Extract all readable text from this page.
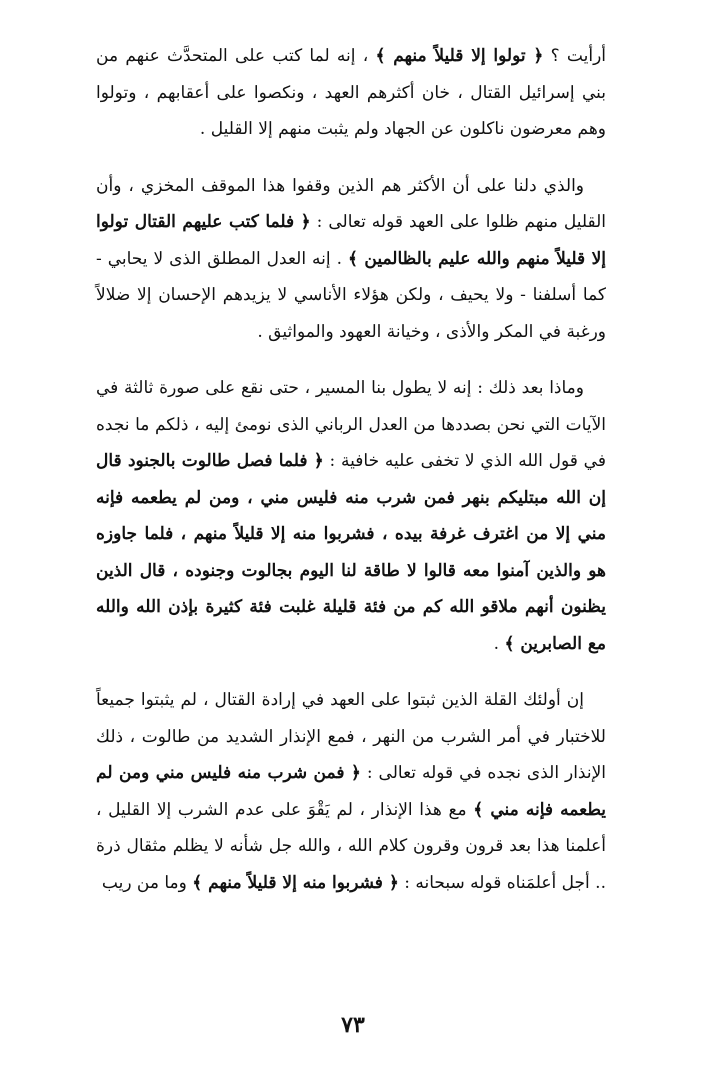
أرأيت ؟ ﴿ تولوا إلا قليلاً منهم ﴾ ، إنه لما كتب على المتحدَّث عنهم من بني إسرائيل القتال ، خان أكثرهم العهد ، ونكصوا على أعقابهم ، وتولوا وهم معرضون ناكلون عن الجهاد ولم يثبت منهم إلا القليل .

والذي دلنا على أن الأكثر هم الذين وقفوا هذا الموقف المخزي ، وأن القليل منهم ظلوا على العهد قوله تعالى : ﴿ فلما كتب عليهم القتال تولوا إلا قليلاً منهم والله عليم بالظالمين ﴾ . إنه العدل المطلق الذى لا يحابي - كما أسلفنا - ولا يحيف ، ولكن هؤلاء الأناسي لا يزيدهم الإحسان إلا ضلالاً ورغبة في المكر والأذى ، وخيانة العهود والمواثيق .

وماذا بعد ذلك : إنه لا يطول بنا المسير ، حتى نقع على صورة ثالثة في الآيات التي نحن بصددها من العدل الرباني الذى نومئ إليه ، ذلكم ما نجده في قول الله الذي لا تخفى عليه خافية : ﴿ فلما فصل طالوت بالجنود قال إن الله مبتليكم بنهر فمن شرب منه فليس مني ، ومن لم يطعمه فإنه مني إلا من اغترف غرفة بيده ، فشربوا منه إلا قليلاً منهم ، فلما جاوزه هو والذين آمنوا معه قالوا لا طاقة لنا اليوم بجالوت وجنوده ، قال الذين يظنون أنهم ملاقو الله كم من فئة قليلة غلبت فئة كثيرة بإذن الله والله مع الصابرين ﴾ .

إن أولئك القلة الذين ثبتوا على العهد في إرادة القتال ، لم يثبتوا جميعاً للاختبار في أمر الشرب من النهر ، فمع الإنذار الشديد من طالوت ، ذلك الإنذار الذى نجده في قوله تعالى : ﴿ فمن شرب منه فليس مني ومن لم يطعمه فإنه مني ﴾ مع هذا الإنذار ، لم يَقْوَ على عدم الشرب إلا القليل ، أعلمنا هذا بعد قرون وقرون كلام الله ، والله جل شأنه لا يظلم مثقال ذرة .. أجل أعلمَناه قوله سبحانه : ﴿ فشربوا منه إلا قليلاً منهم ﴾ وما من ريب

٧٣
